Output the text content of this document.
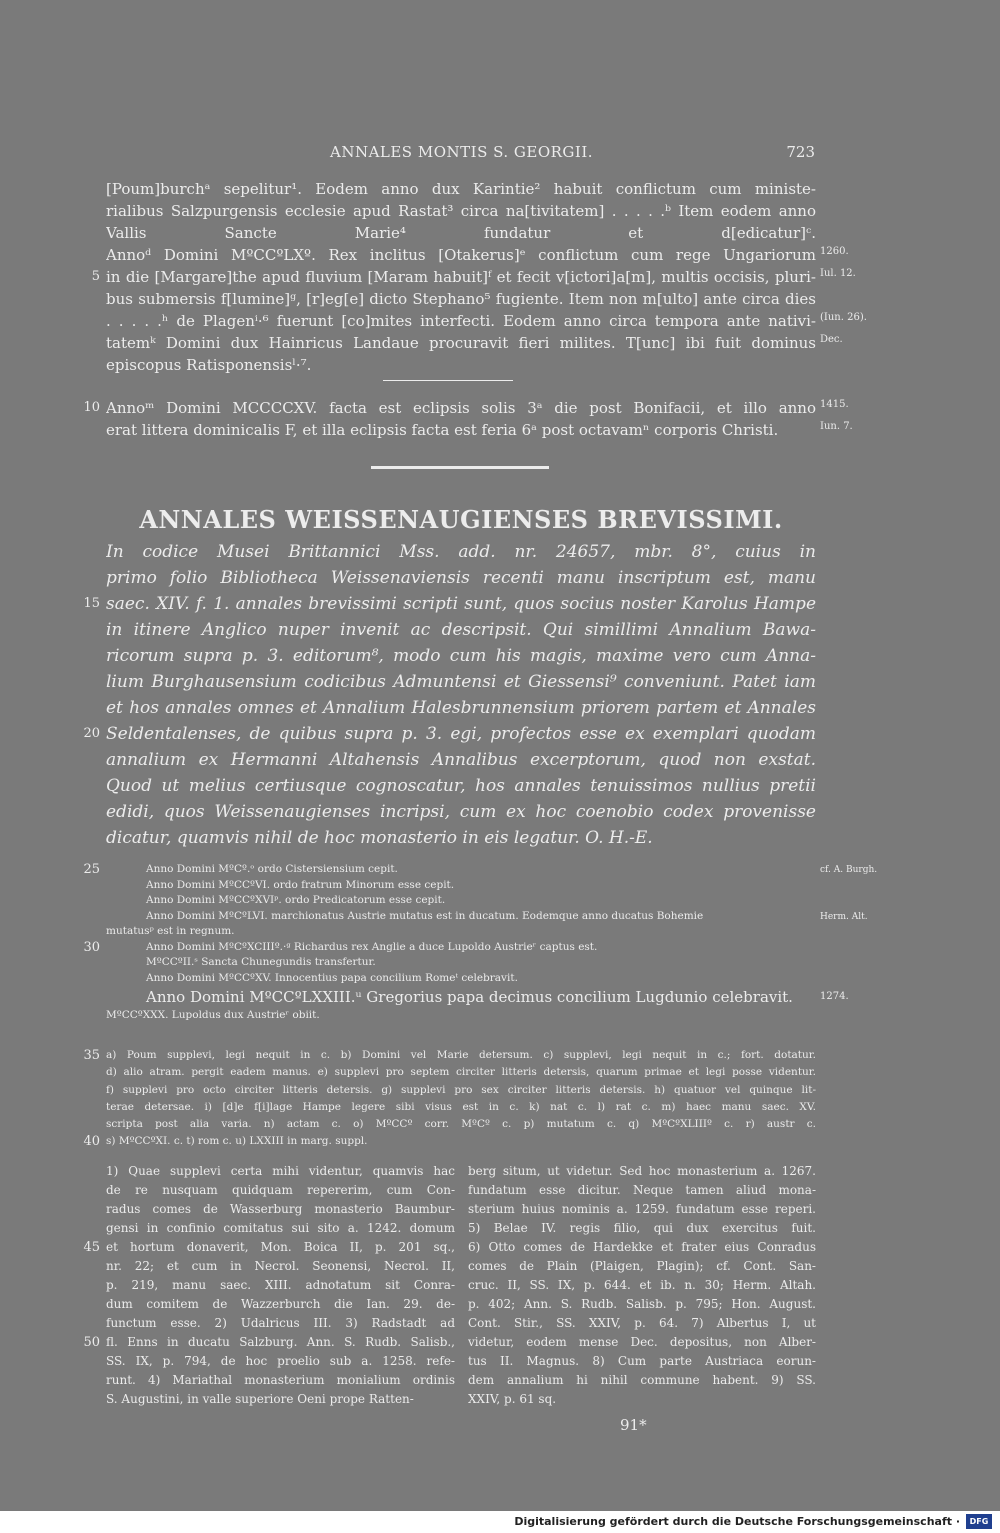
ANNALES MONTIS S. GEORGII.	723
[Poum]burchᵃ sepelitur¹. Eodem anno dux Karintie² habuit conflictum cum ministe-
rialibus Salzpurgensis ecclesie apud Rastat³ circa na[tivitatem] . . . . .ᵇ Item eodem anno
Vallis Sancte Marie⁴ fundatur et d[edicatur]ᶜ.
Annoᵈ Domini MºCCºLXº. Rex inclitus [Otakerus]ᵉ conflictum cum rege Ungariorum 1260.
5 in die [Margare]the apud fluvium [Maram habuit]ᶠ et fecit v[ictori]a[m], multis occisis, pluri- Iul. 12.
bus submersis f[lumine]ᵍ, [r]eg[e] dicto Stephano⁵ fugiente. Item non m[ulto] ante circa dies
. . . . .ʰ de Plagenⁱ·⁶ fuerunt [co]mites interfecti. Eodem anno circa tempora ante nativi- (Iun. 26).
tatemᵏ Domini dux Hainricus Landaue procuravit fieri milites. T[unc] ibi fuit dominus Dec.
episcopus Ratisponensisˡ·⁷.
10 Annoᵐ Domini MCCCCXV. facta est eclipsis solis 3ᵃ die post Bonifacii, et illo anno 1415.
erat littera dominicalis F, et illa eclipsis facta est feria 6ᵃ post octavamⁿ corporis Christi.	Iun. 7.
ANNALES WEISSENAUGIENSES BREVISSIMI.
In codice Musei Brittannici Mss. add. nr. 24657, mbr. 8°, cuius in
primo folio Bibliotheca Weissenaviensis recenti manu inscriptum est, manu
15 saec. XIV. f. 1. annales brevissimi scripti sunt, quos socius noster Karolus Hampe
in itinere Anglico nuper invenit ac descripsit. Qui simillimi Annalium Bawa-
ricorum supra p. 3. editorum⁸, modo cum his magis, maxime vero cum Anna-
lium Burghausensium codicibus Admuntensi et Giessensi⁹ conveniunt. Patet iam
et hos annales omnes et Annalium Halesbrunnensium priorem partem et Annales
20 Seldentalenses, de quibus supra p. 3. egi, profectos esse ex exemplari quodam
annalium ex Hermanni Altahensis Annalibus excerptorum, quod non exstat.
Quod ut melius certiusque cognoscatur, hos annales tenuissimos nullius pretii
edidi, quos Weissenaugienses incripsi, cum ex hoc coenobio codex provenisse
dicatur, quamvis nihil de hoc monasterio in eis legatur. O. H.-E.
25	Anno Domini MºCº.ᵒ ordo Cistersiensium cepit.	cf. A. Burgh.
Anno Domini MºCCºVI. ordo fratrum Minorum esse cepit.
Anno Domini MºCCºXVIᵖ. ordo Predicatorum esse cepit.
Anno Domini MºCºLVI. marchionatus Austrie mutatus est in ducatum. Eodemque anno ducatus Bohemie	Herm. Alt.
mutatusᵖ est in regnum.
30	Anno Domini MºCºXCIIIº.·ᵍ Richardus rex Anglie a duce Lupoldo Austrieʳ captus est.
MºCCºII.ˢ Sancta Chunegundis transfertur.
Anno Domini MºCCºXV. Innocentius papa concilium Romeᵗ celebravit.
Anno Domini MºCCºLXXIII.ᵘ Gregorius papa decimus concilium Lugdunio celebravit.	1274.
MºCCºXXX. Lupoldus dux Austrieʳ obiit.
35 a) Poum supplevi, legi nequit in c. b) Domini vel Marie detersum. c) supplevi, legi nequit in c.; fort. dotatur.
d) alio atram. pergit eadem manus. e) supplevi pro septem circiter litteris detersis, quarum primae et legi posse videntur.
f) supplevi pro octo circiter litteris detersis. g) supplevi pro sex circiter litteris detersis. h) quatuor vel quinque lit-
terae detersae. i) [d]e f[i]lage Hampe legere sibi visus est in c. k) nat c. l) rat c. m) haec manu saec. XV.
scripta post alia varia. n) actam c. o) MºCCº corr. MºCº c. p) mutatum c. q) MºCºXLIIIº c. r) austr c.
40 s) MºCCºXI. c. t) rom c. u) LXXIII in marg. suppl.
1) Quae supplevi certa mihi videntur, quamvis hac
de re nusquam quidquam repererim, cum Con-
radus comes de Wasserburg monasterio Baumbur-
gensi in confinio comitatus sui sito a. 1242. domum
45 et hortum donaverit, Mon. Boica II, p. 201 sq.,
nr. 22; et cum in Necrol. Seonensi, Necrol. II,
p. 219, manu saec. XIII. adnotatum sit Conra-
dum comitem de Wazzerburch die Ian. 29. de-
functum esse. 2) Udalricus III. 3) Radstadt ad
50 fl. Enns in ducatu Salzburg. Ann. S. Rudb. Salisb.,
SS. IX, p. 794, de hoc proelio sub a. 1258. refe-
runt. 4) Mariathal monasterium monialium ordinis
S. Augustini, in valle superiore Oeni prope Ratten-
berg situm, ut videtur. Sed hoc monasterium a. 1267.
fundatum esse dicitur. Neque tamen aliud mona-
sterium huius nominis a. 1259. fundatum esse reperi.
5) Belae IV. regis filio, qui dux exercitus fuit.
6) Otto comes de Hardekke et frater eius Conradus
comes de Plain (Plaigen, Plagin); cf. Cont. San-
cruc. II, SS. IX, p. 644. et ib. n. 30; Herm. Altah.
p. 402; Ann. S. Rudb. Salisb. p. 795; Hon. August.
Cont. Stir., SS. XXIV, p. 64. 7) Albertus I, ut
videtur, eodem mense Dec. depositus, non Alber-
tus II. Magnus. 8) Cum parte Austriaca eorun-
dem annalium hi nihil commune habent. 9) SS.
XXIV, p. 61 sq.
91*
Digitalisierung gefördert durch die Deutsche Forschungsgemeinschaft ·	DFG
